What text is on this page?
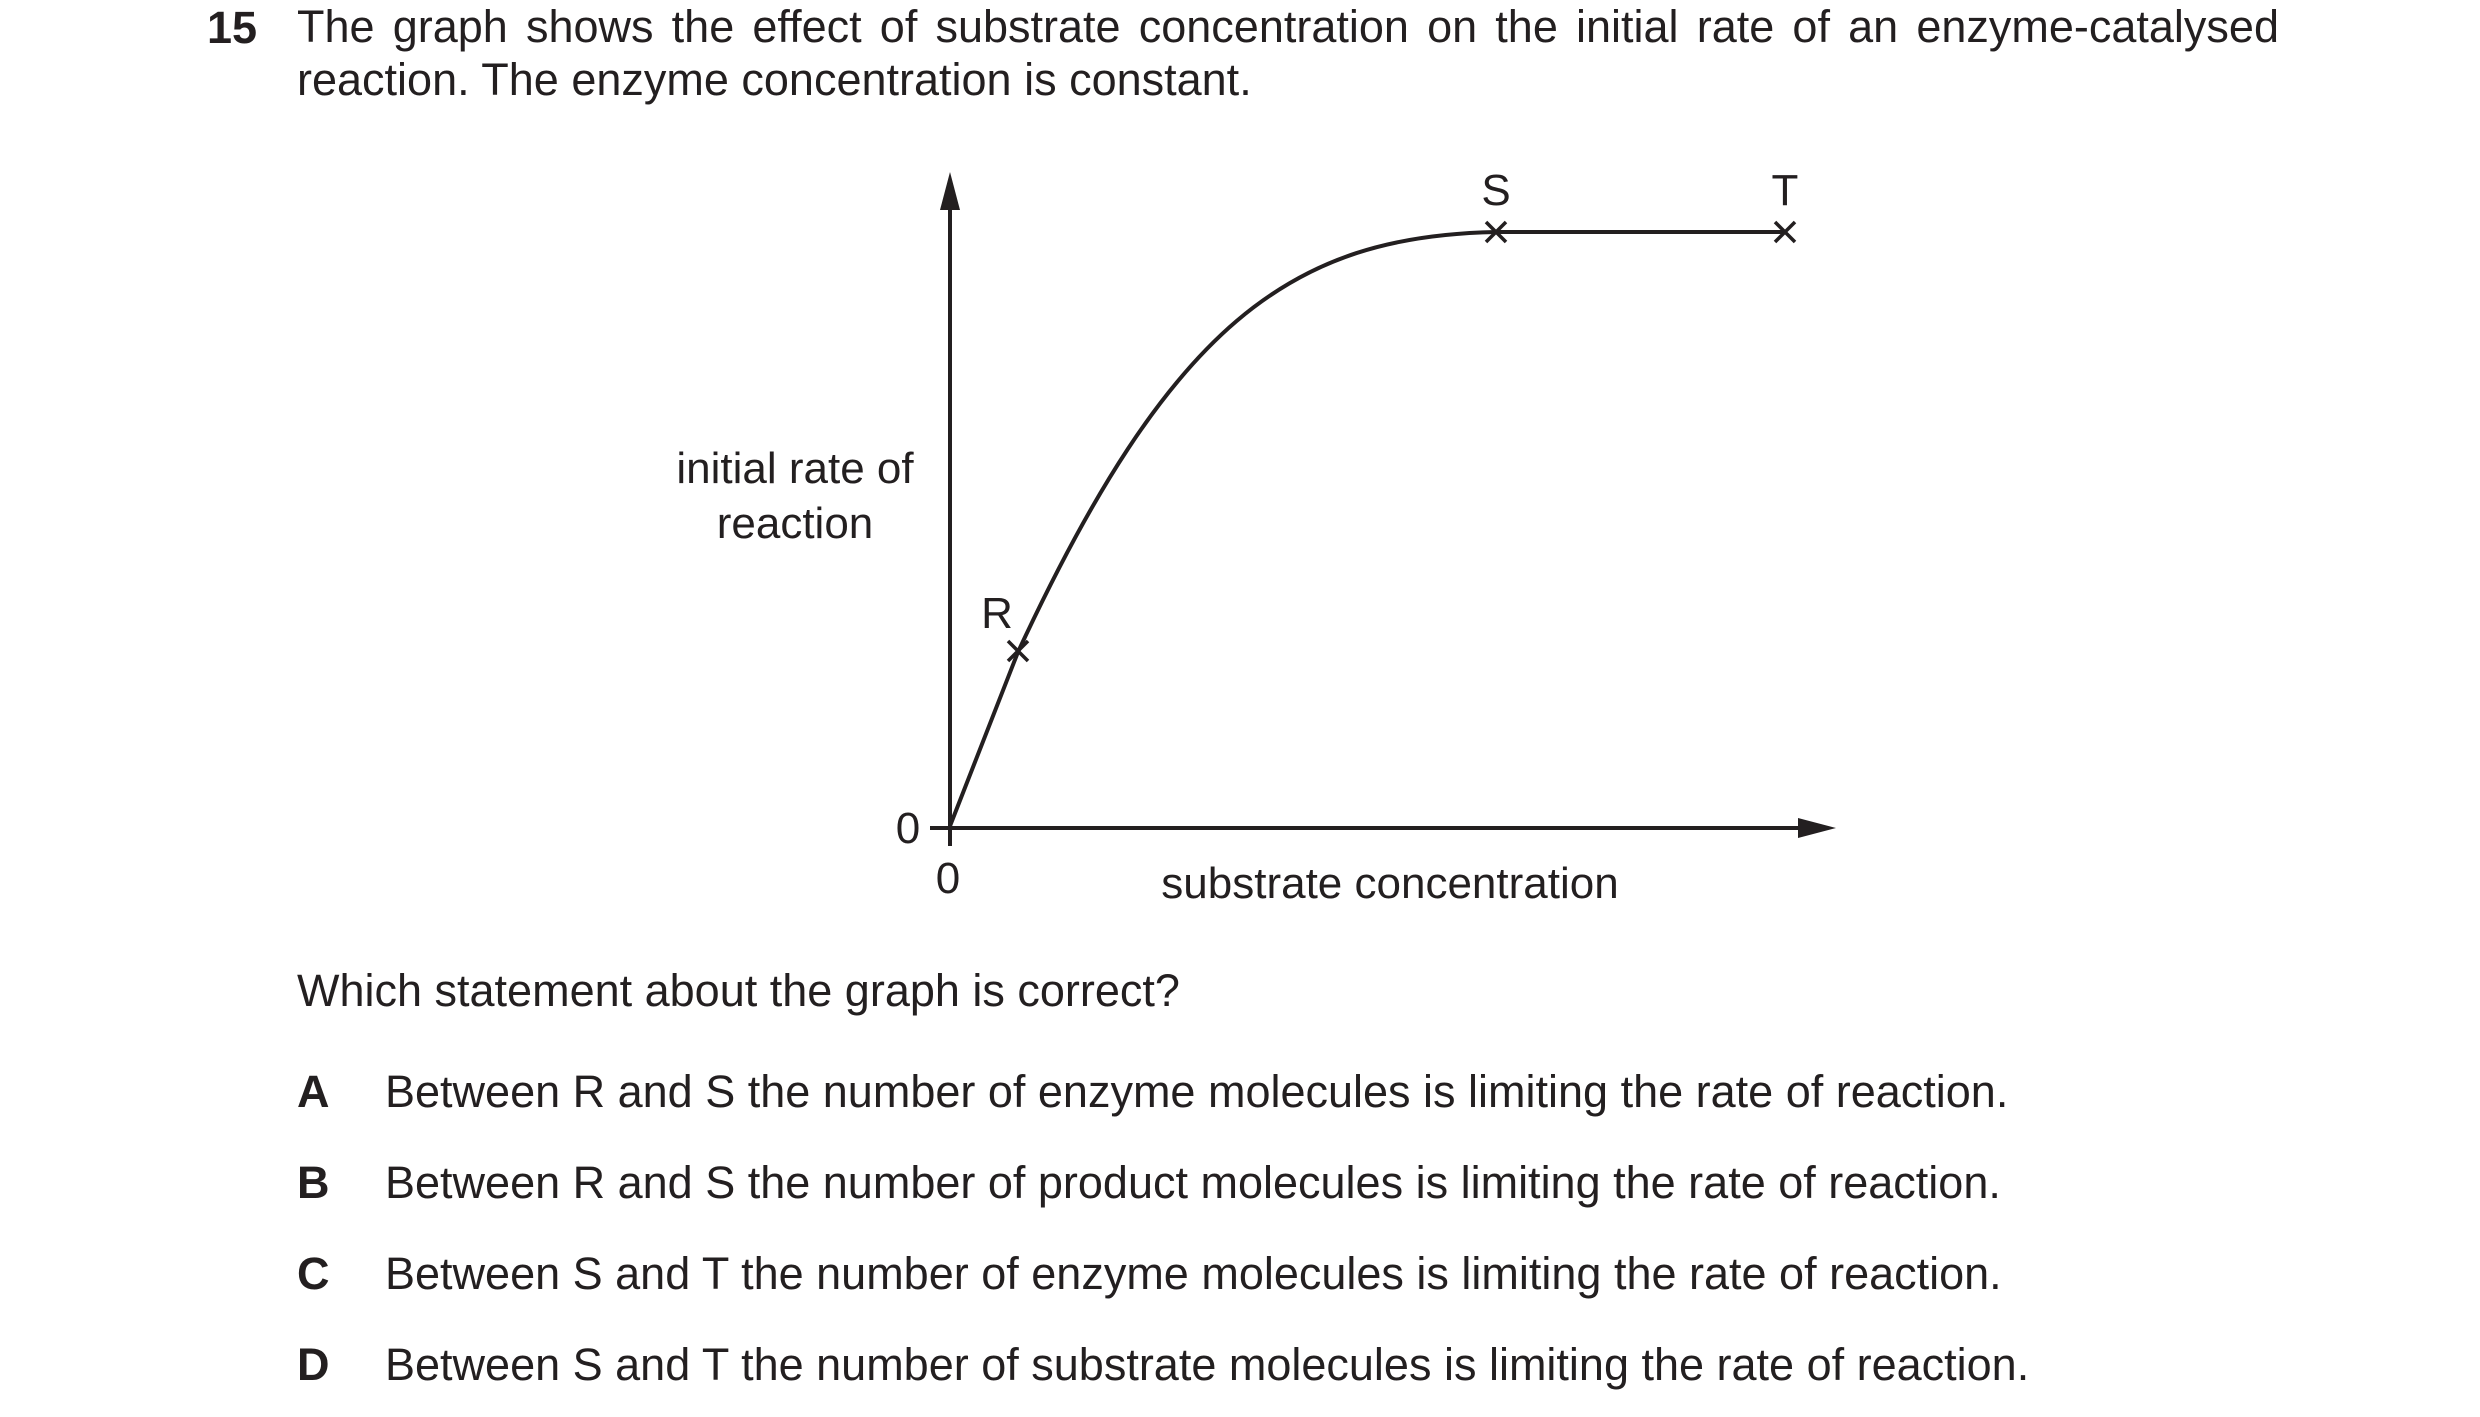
15 The graph shows the effect of substrate concentration on the initial rate of an enzyme-catalysed
reaction. The enzyme concentration is constant.
R
S	T
initial rate of
reaction
substrate concentration
0
0
Which statement about the graph is correct?
A Between R and S the number of enzyme molecules is limiting the rate of reaction.
B Between R and S the number of product molecules is limiting the rate of reaction.
C Between S and T the number of enzyme molecules is limiting the rate of reaction.
D Between S and T the number of substrate molecules is limiting the rate of reaction.
